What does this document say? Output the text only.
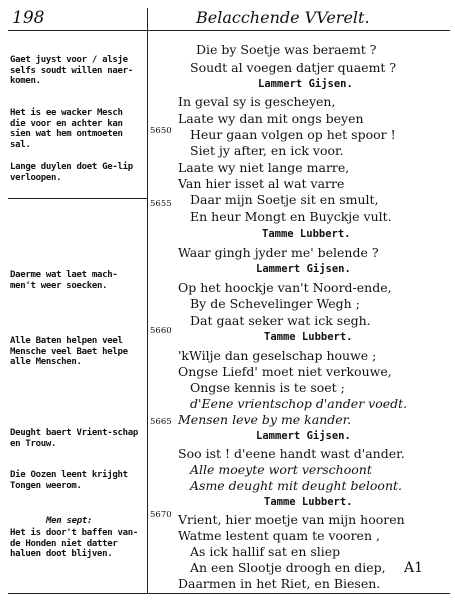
198	Belacchende VVerelt.
Gaet juyst voor / alsje selfs soudt willen naer-komen.
Het is ee wacker Mesch die voor en achter kan sien wat hem ontmoeten sal.
Lange duylen doet Ge-lip verloopen.
Daerme wat laet mach-men't weer soecken.
Alle Baten helpen veel Mensche veel Baet helpe alle Menschen.
Deught baert Vrient-schap en Trouw.
Die Oozen leent krijght Tongen weerom.
Men sept:
Het is door't baffen van-de Honden niet datter haluen doot blijven.
5650
5655
5660
5665
5670
Die by Soetje was beraemt ?
Soudt al voegen datjer quaemt ?
Lammert Gijsen.
In geval sy is gescheyen,
Laate wy dan mit ongs beyen
Heur gaan volgen op het spoor !
Siet jy after, en ick voor.
Laate wy niet lange marre,
Van hier isset al wat varre
Daar mijn Soetje sit en smult,
En heur Mongt en Buyckje vult.
Tamme Lubbert.
Waar gingh jyder me' belende ?
Lammert Gijsen.
Op het hoockje van't Noord-ende,
By de Schevelinger Wegh ;
Dat gaat seker wat ick segh.
Tamme Lubbert.
'kWilje dan geselschap houwe ;
Ongse Liefd' moet niet verkouwe,
Ongse kennis is te soet ;
d'Eene vrientschop d'ander voedt.
Mensen leve by me kander.
Lammert Gijsen.
Soo ist ! d'eene handt wast d'ander.
Alle moeyte wort verschoont
Asme deught mit deught beloont.
Tamme Lubbert.
Vrient, hier moetje van mijn hooren
Watme lestent quam te vooren ,
As ick hallif sat en sliep
An een Slootje droogh en diep,
Daarmen in het Riet, en Biesen.
A1
